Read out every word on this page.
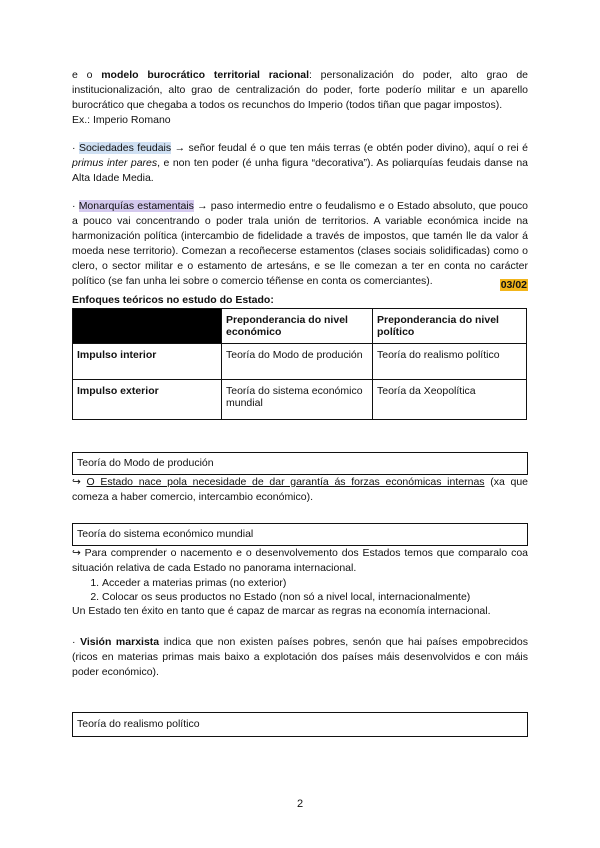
e o modelo burocrático territorial racional: personalización do poder, alto grao de institucionalización, alto grao de centralización do poder, forte poderío militar e un aparello burocrático que chegaba a todos os recunchos do Imperio (todos tiñan que pagar impostos).
Ex.: Imperio Romano

· Sociedades feudais → señor feudal é o que ten máis terras (e obtén poder divino), aquí o rei é primus inter pares, e non ten poder (é unha figura “decorativa”). As poliarquías feudais danse na Alta Idade Media.

· Monarquías estamentais → paso intermedio entre o feudalismo e o Estado absoluto, que pouco a pouco vai concentrando o poder trala unión de territorios. A variable económica incide na harmonización política (intercambio de fidelidade a través de impostos, que tamén lle da valor á moeda nese territorio). Comezan a recoñecerse estamentos (clases sociais solidificadas) como o clero, o sector militar e o estamento de artesáns, e se lle comezan a ter en conta no carácter político (se fan unha lei sobre o comercio téñense en conta os comerciantes).	03/02
Enfoques teóricos no estudo do Estado:
	Preponderancia do nivel económico	Preponderancia do nivel político
Impulso interior	Teoría do Modo de produción	Teoría do realismo político
Impulso exterior	Teoría do sistema económico mundial	Teoría da Xeopolítica
Teoría do Modo de produción

↪ O Estado nace pola necesidade de dar garantía ás forzas económicas internas (xa que comeza a haber comercio, intercambio económico).

Teoría do sistema económico mundial

↪ Para comprender o nacemento e o desenvolvemento dos Estados temos que comparalo coa situación relativa de cada Estado no panorama internacional.

1. Acceder a materias primas (no exterior)
2. Colocar os seus productos no Estado (non só a nivel local, internacionalmente)

Un Estado ten éxito en tanto que é capaz de marcar as regras na economía internacional.

· Visión marxista indica que non existen países pobres, senón que hai países empobrecidos (ricos en materias primas mais baixo a explotación dos países máis desenvolvidos e con máis poder económico).

Teoría do realismo político
2
